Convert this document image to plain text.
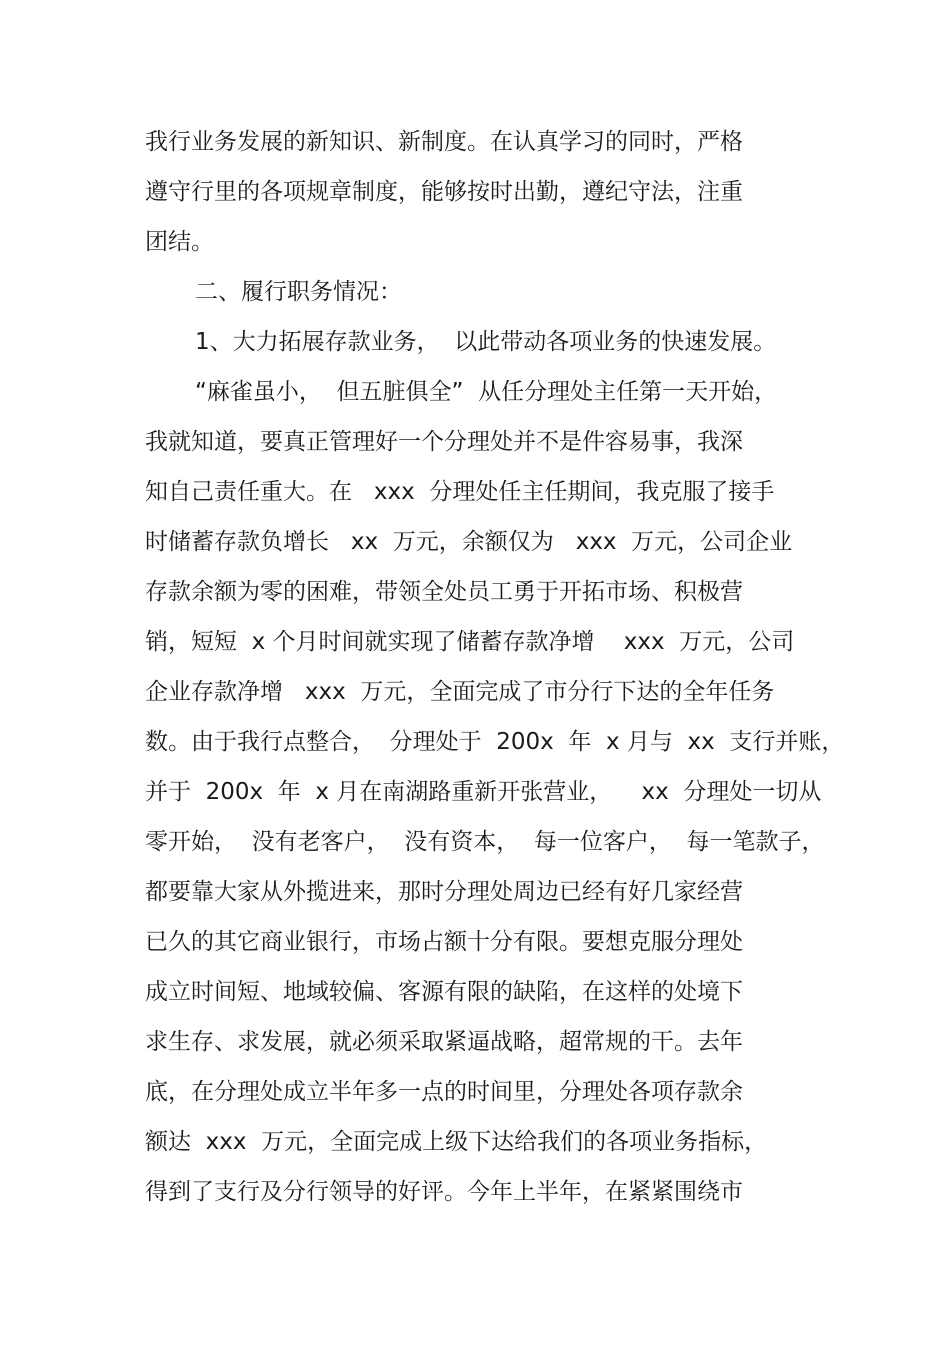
我行业务发展的新知识、新制度。在认真学习的同时，严格
遵守行里的各项规章制度，能够按时出勤，遵纪守法，注重
团结。
二、履行职务情况：
1、大力拓展存款业务，  以此带动各项业务的快速发展。
“麻雀虽小，  但五脏俱全”  从任分理处主任第一天开始，
我就知道，要真正管理好一个分理处并不是件容易事，我深
知自己责任重大。在   xxx  分理处任主任期间，我克服了接手
时储蓄存款负增长   xx  万元，余额仅为   xxx  万元，公司企业
存款余额为零的困难，带领全处员工勇于开拓市场、积极营
销，短短  x 个月时间就实现了储蓄存款净增    xxx  万元，公司
企业存款净增   xxx  万元，全面完成了市分行下达的全年任务
数。由于我行点整合，  分理处于  200x  年  x 月与  xx  支行并账，
并于  200x  年  x 月在南湖路重新开张营业，    xx  分理处一切从
零开始，  没有老客户，  没有资本，  每一位客户，  每一笔款子，
都要靠大家从外揽进来，那时分理处周边已经有好几家经营
已久的其它商业银行，市场占额十分有限。要想克服分理处
成立时间短、地域较偏、客源有限的缺陷，在这样的处境下
求生存、求发展，就必须采取紧逼战略，超常规的干。去年
底，在分理处成立半年多一点的时间里，分理处各项存款余
额达  xxx  万元，全面完成上级下达给我们的各项业务指标，
得到了支行及分行领导的好评。今年上半年，在紧紧围绕市
